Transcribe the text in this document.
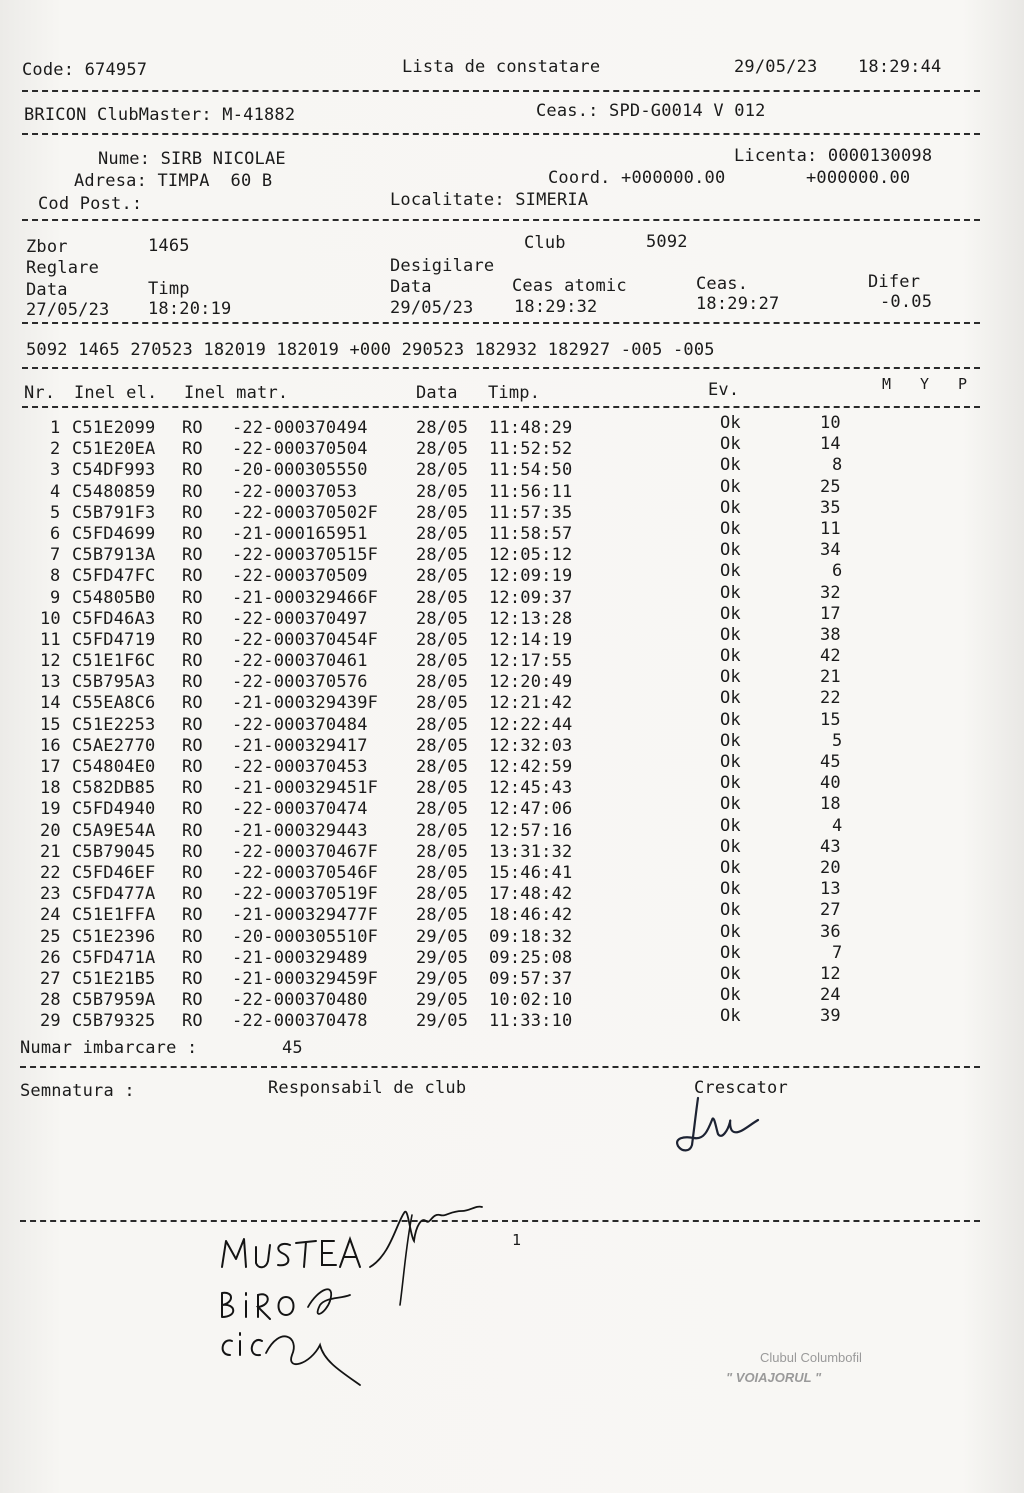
Code: 674957	Lista de constatare	29/05/23 18:29:44
BRICON ClubMaster: M-41882	Ceas.: SPD-G0014 V 012
Nume: SIRB NICOLAE	Licenta: 0000130098
Adresa: TIMPA  60 B	Coord. +000000.00	+000000.00
Cod Post.:	Localitate: SIMERIA
Zbor	1465	Club	5092
Reglare	Desigilare
Data	Timp	Data	Ceas atomic	Ceas.	Difer
27/05/23 18:20:19	29/05/23 18:29:32	18:29:27	-0.05
5092 1465 270523 182019 182019 +000 290523 182932 182927 -005 -005
Nr. Inel el. Inel matr.	Data Timp.	Ev.	M Y P
1 C51E2099 RO -22-000370494	28/05 11:48:29	Ok	10
2 C51E20EA RO -22-000370504	28/05 11:52:52	Ok	14
3 C54DF993 RO -20-000305550	28/05 11:54:50	Ok	8
4 C5480859 RO -22-00037053	28/05 11:56:11	Ok	25
5 C5B791F3 RO -22-000370502F 28/05 11:57:35	Ok	35
6 C5FD4699 RO -21-000165951	28/05 11:58:57	Ok	11
7 C5B7913A RO -22-000370515F 28/05 12:05:12	Ok	34
8 C5FD47FC RO -22-000370509	28/05 12:09:19	Ok	6
9 C54805B0 RO -21-000329466F 28/05 12:09:37	Ok	32
10 C5FD46A3 RO -22-000370497	28/05 12:13:28	Ok	17
11 C5FD4719 RO -22-000370454F 28/05 12:14:19	Ok	38
12 C51E1F6C RO -22-000370461	28/05 12:17:55	Ok	42
13 C5B795A3 RO -22-000370576	28/05 12:20:49	Ok	21
14 C55EA8C6 RO -21-000329439F 28/05 12:21:42	Ok	22
15 C51E2253 RO -22-000370484	28/05 12:22:44	Ok	15
16 C5AE2770 RO -21-000329417	28/05 12:32:03	Ok	5
17 C54804E0 RO -22-000370453	28/05 12:42:59	Ok	45
18 C582DB85 RO -21-000329451F 28/05 12:45:43	Ok	40
19 C5FD4940 RO -22-000370474	28/05 12:47:06	Ok	18
20 C5A9E54A RO -21-000329443	28/05 12:57:16	Ok	4
21 C5B79045 RO -22-000370467F 28/05 13:31:32	Ok	43
22 C5FD46EF RO -22-000370546F 28/05 15:46:41	Ok	20
23 C5FD477A RO -22-000370519F 28/05 17:48:42	Ok	13
24 C51E1FFA RO -21-000329477F 28/05 18:46:42	Ok	27
25 C51E2396 RO -20-000305510F 29/05 09:18:32	Ok	36
26 C5FD471A RO -21-000329489	29/05 09:25:08	Ok	7
27 C51E21B5 RO -21-000329459F 29/05 09:57:37	Ok	12
28 C5B7959A RO -22-000370480	29/05 10:02:10	Ok	24
29 C5B79325 RO -22-000370478	29/05 11:33:10	Ok	39
Numar imbarcare :	45
Semnatura :	Responsabil de club	Crescator
1
Clubul Columbofil
" VOIAJORUL "
